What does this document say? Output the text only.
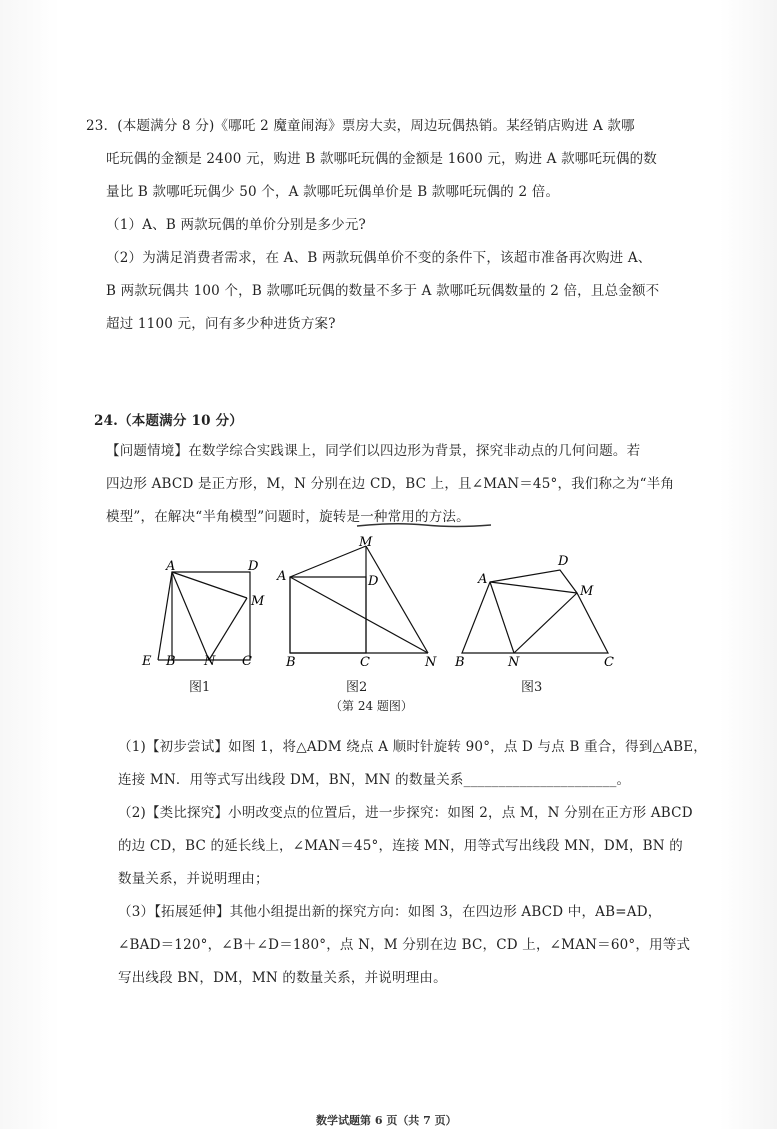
23．(本题满分 8 分)《哪吒 2 魔童闹海》票房大卖，周边玩偶热销。某经销店购进 A 款哪
吒玩偶的金额是 2400 元，购进 B 款哪吒玩偶的金额是 1600 元，购进 A 款哪吒玩偶的数
量比 B 款哪吒玩偶少 50 个，A 款哪吒玩偶单价是 B 款哪吒玩偶的 2 倍。
（1）A、B 两款玩偶的单价分别是多少元?
（2）为满足消费者需求，在 A、B 两款玩偶单价不变的条件下，该超市准备再次购进 A、
B 两款玩偶共 100 个，B 款哪吒玩偶的数量不多于 A 款哪吒玩偶数量的 2 倍，且总金额不
超过 1100 元，问有多少种进货方案?
24.（本题满分 10 分）
【问题情境】在数学综合实践课上，同学们以四边形为背景，探究非动点的几何问题。若
四边形 ABCD 是正方形，M，N 分别在边 CD，BC 上，且∠MAN＝45°，我们称之为“半角
模型”，在解决“半角模型”问题时，旋转是一种常用的方法。
A	D
M
E B N C
M
A	D
B	C	N
D
A
M
B	N	C
图1	图2	图3
（第 24 题图）
（1)【初步尝试】如图 1，将△ADM 绕点 A 顺时针旋转 90°，点 D 与点 B 重合，得到△ABE，
连接 MN．用等式写出线段 DM，BN，MN 的数量关系______________________。
（2)【类比探究】小明改变点的位置后，进一步探究：如图 2，点 M，N 分别在正方形 ABCD
的边 CD，BC 的延长线上，∠MAN＝45°，连接 MN，用等式写出线段 MN，DM，BN 的
数量关系，并说明理由；
（3）【拓展延伸】其他小组提出新的探究方向：如图 3，在四边形 ABCD 中，AB=AD，
∠BAD＝120°，∠B＋∠D＝180°，点 N，M 分别在边 BC，CD 上，∠MAN＝60°，用等式
写出线段 BN，DM，MN 的数量关系，并说明理由。
数学试题第 6 页（共 7 页）
